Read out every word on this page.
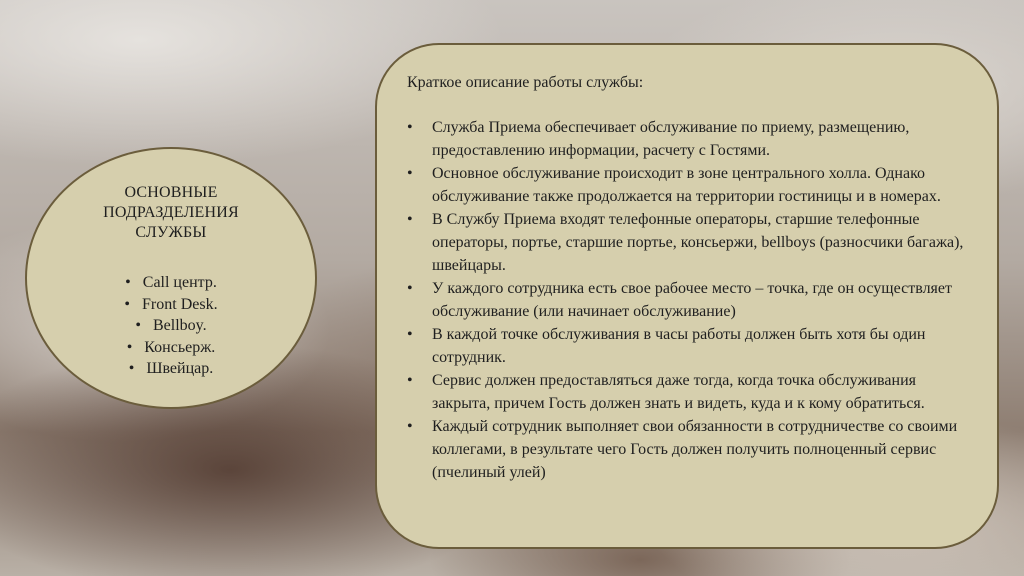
ОСНОВНЫЕ
ПОДРАЗДЕЛЕНИЯ
СЛУЖБЫ
• Call центр.
• Front Desk.
• Bellboy.
• Консьерж.
• Швейцар.
Краткое описание работы службы:
•	Служба Приема обеспечивает обслуживание по приему, размещению, предоставлению информации, расчету с Гостями.
•	Основное обслуживание происходит в зоне центрального холла. Однако обслуживание также продолжается на территории гостиницы и в номерах.
•	В Службу Приема входят телефонные операторы, старшие телефонные операторы, портье, старшие портье, консьержи, bellboys (разносчики багажа), швейцары.
•	У каждого сотрудника есть свое рабочее место – точка, где он осуществляет обслуживание (или начинает обслуживание)
•	В каждой точке обслуживания в часы работы должен быть хотя бы один сотрудник.
•	Сервис должен предоставляться даже тогда, когда точка обслуживания закрыта, причем Гость должен знать и видеть, куда и к кому обратиться.
•	Каждый сотрудник выполняет свои обязанности в сотрудничестве со своими коллегами, в результате чего Гость должен получить полноценный сервис (пчелиный улей)
